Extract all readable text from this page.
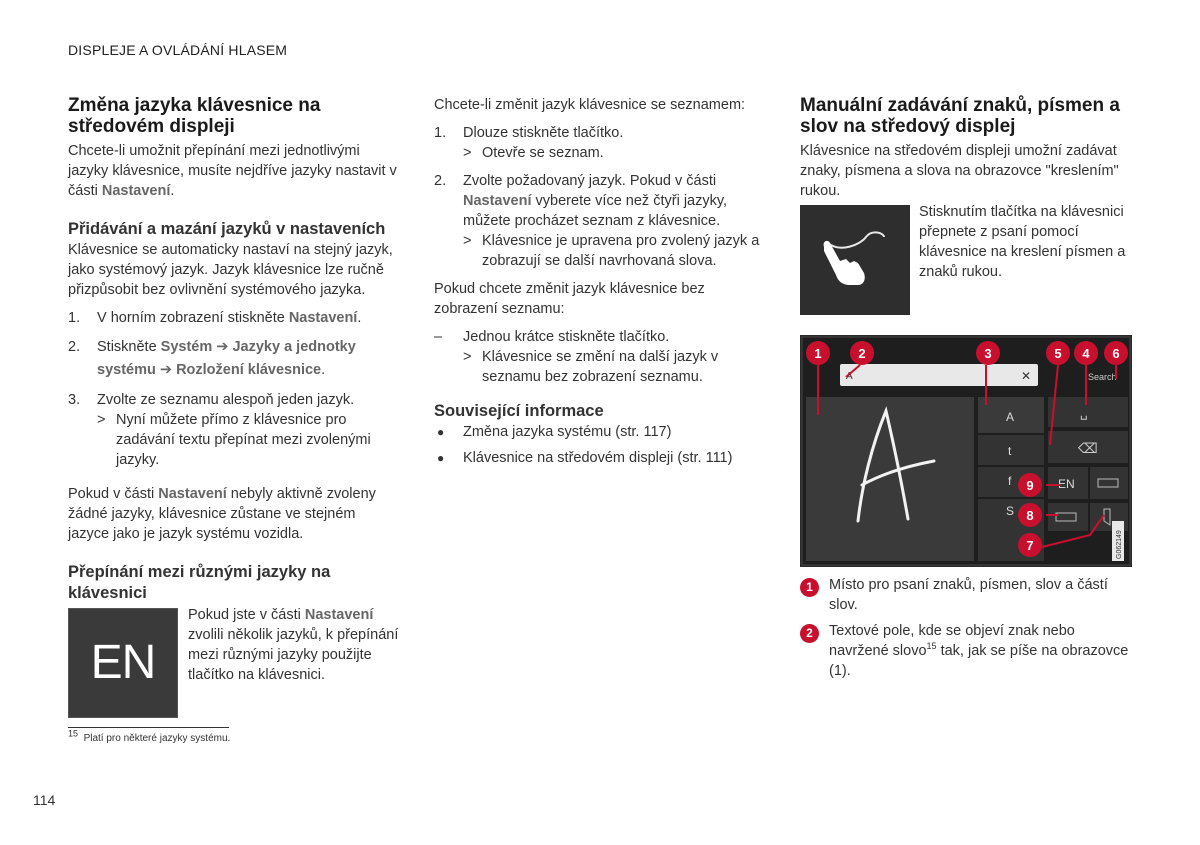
DISPLEJE A OVLÁDÁNÍ HLASEM
Změna jazyka klávesnice na středovém displeji

Chcete-li umožnit přepínání mezi jednotlivými jazyky klávesnice, musíte nejdříve jazyky nastavit v části Nastavení.

Přidávání a mazání jazyků v nastaveních

Klávesnice se automaticky nastaví na stejný jazyk, jako systémový jazyk. Jazyk klávesnice lze ručně přizpůsobit bez ovlivnění systémového jazyka.

1. V horním zobrazení stiskněte Nastavení.

2. Stiskněte Systém ➔ Jazyky a jednotky systému ➔ Rozložení klávesnice.

3. Zvolte ze seznamu alespoň jeden jazyk.

> Nyní můžete přímo z klávesnice pro zadávání textu přepínat mezi zvolenými jazyky.

Pokud v části Nastavení nebyly aktivně zvoleny žádné jazyky, klávesnice zůstane ve stejném jazyce jako je jazyk systému vozidla.

Přepínání mezi různými jazyky na klávesnici
EN

Pokud jste v části Nastavení zvolili několik jazyků, k přepínání mezi různými jazyky použijte tlačítko na klávesnici.

Chcete-li změnit jazyk klávesnice se seznamem:

1. Dlouze stiskněte tlačítko.

> Otevře se seznam.

2. Zvolte požadovaný jazyk. Pokud v části Nastavení vyberete více než čtyři jazyky, můžete procházet seznam z klávesnice.

> Klávesnice je upravena pro zvolený jazyk a zobrazují se další navrhovaná slova.

Pokud chcete změnit jazyk klávesnice bez zobrazení seznamu:

– Jednou krátce stiskněte tlačítko.

> Klávesnice se změní na další jazyk v seznamu bez zobrazení seznamu.

Související informace

● Změna jazyka systému (str. 117)

● Klávesnice na středovém displeji (str. 111)

Manuální zadávání znaků, písmen a slov na středový displej

Klávesnice na středovém displeji umožní zadávat znaky, písmena a slova na obrazovce "kreslením" rukou.

Stisknutím tlačítka na klávesnici přepnete z psaní pomocí klávesnice na kreslení písmen a znaků rukou.

A	✕
A
t
f
S
Search
␣
⌫
EN
G062149
1	2	3	4
5	6
7
8
9

1	Místo pro psaní znaků, písmen, slov a částí slov.

2	Textové pole, kde se objeví znak nebo navržené slovo$^{15}$ tak, jak se píše na obrazovce (1).

$^{15}$ Platí pro některé jazyky systému.
114
